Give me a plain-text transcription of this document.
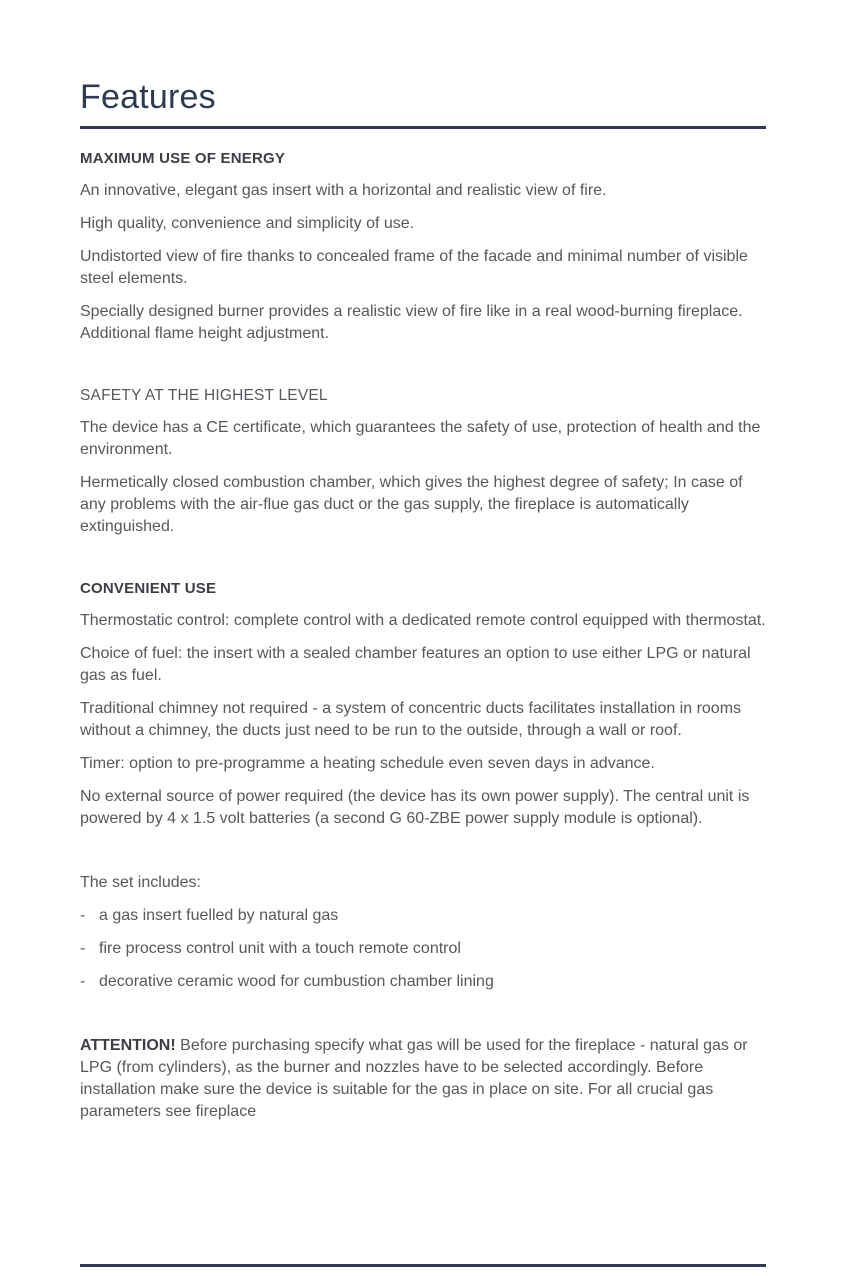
Features
MAXIMUM USE OF ENERGY

An innovative, elegant gas insert with a horizontal and realistic view of fire.

High quality, convenience and simplicity of use.

Undistorted view of fire thanks to concealed frame of the facade and minimal number of visible steel elements.

Specially designed burner provides a realistic view of fire like in a real wood-burning fireplace. Additional flame height adjustment.

SAFETY AT THE HIGHEST LEVEL

The device has a CE certificate, which guarantees the safety of use, protection of health and the environment.

Hermetically closed combustion chamber, which gives the highest degree of safety; In case of any problems with the air-flue gas duct or the gas supply, the fireplace is automatically extinguished.

CONVENIENT USE

Thermostatic control: complete control with a dedicated remote control equipped with thermostat.

Choice of fuel: the insert with a sealed chamber features an option to use either LPG or natural gas as fuel.

Traditional chimney not required - a system of concentric ducts facilitates installation in rooms without a chimney, the ducts just need to be run to the outside, through a wall or roof.

Timer: option to pre-programme a heating schedule even seven days in advance.

No external source of power required (the device has its own power supply). The central unit is powered by 4 x 1.5 volt batteries (a second G 60-ZBE power supply module is optional).

The set includes:

- a gas insert fuelled by natural gas
- fire process control unit with a touch remote control
- decorative ceramic wood for cumbustion chamber lining

ATTENTION! Before purchasing specify what gas will be used for the fireplace - natural gas or LPG (from cylinders), as the burner and nozzles have to be selected accordingly. Before installation make sure the device is suitable for the gas in place on site. For all crucial gas parameters see fireplace
